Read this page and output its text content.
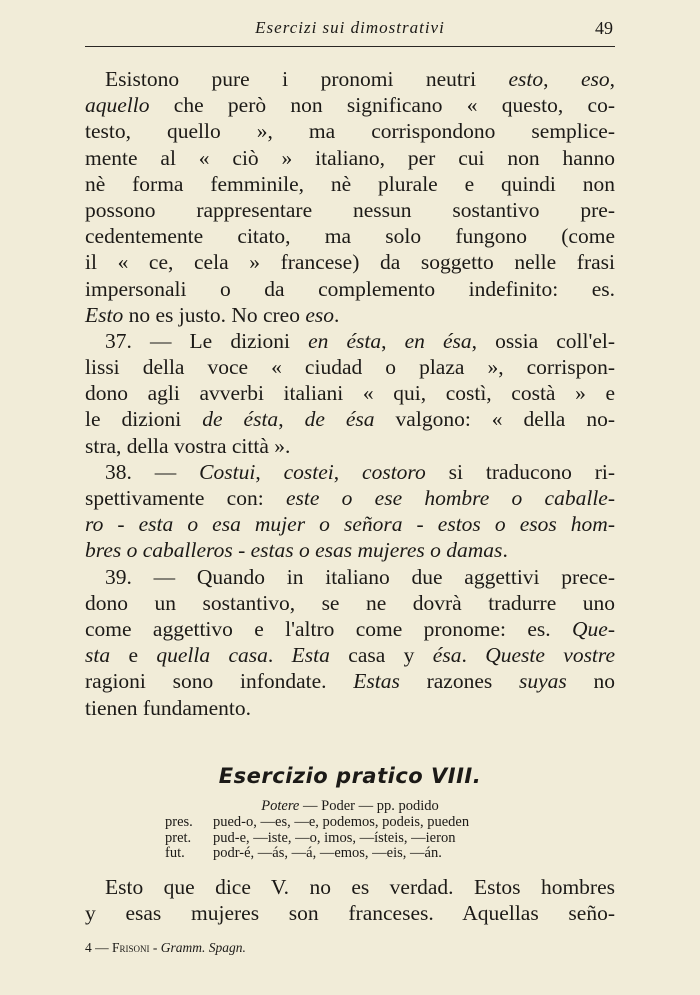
Esercizi sui dimostrativi	49
Esistono pure i pronomi neutri esto, eso,
aquello che però non significano « questo, co-
testo, quello », ma corrispondono semplice-
mente al « ciò » italiano, per cui non hanno
nè forma femminile, nè plurale e quindi non
possono rappresentare nessun sostantivo pre-
cedentemente citato, ma solo fungono (come
il « ce, cela » francese) da soggetto nelle frasi
impersonali o da complemento indefinito: es.
Esto no es justo. No creo eso.
37. — Le dizioni en ésta, en ésa, ossia coll'el-
lissi della voce « ciudad o plaza », corrispon-
dono agli avverbi italiani « qui, costì, costà » e
le dizioni de ésta, de ésa valgono: « della no-
stra, della vostra città ».
38. — Costui, costei, costoro si traducono ri-
spettivamente con: este o ese hombre o caballe-
ro - esta o esa mujer o señora - estos o esos hom-
bres o caballeros - estas o esas mujeres o damas.
39. — Quando in italiano due aggettivi prece-
dono un sostantivo, se ne dovrà tradurre uno
come aggettivo e l'altro come pronome: es. Que-
sta e quella casa. Esta casa y ésa. Queste vostre
ragioni sono infondate. Estas razones suyas no
tienen fundamento.
Esercizio pratico VIII.
Potere — Poder — pp. podido
pres.	pued-o, —es, —e, podemos, podeis, pueden
pret.	pud-e, —iste, —o, imos, —ísteis, —ieron
fut.	podr-é, —ás, —á, —emos, —eis, —án.
Esto que dice V. no es verdad. Estos hombres
y esas mujeres son franceses. Aquellas seño-
4 — Frisoni - Gramm. Spagn.
